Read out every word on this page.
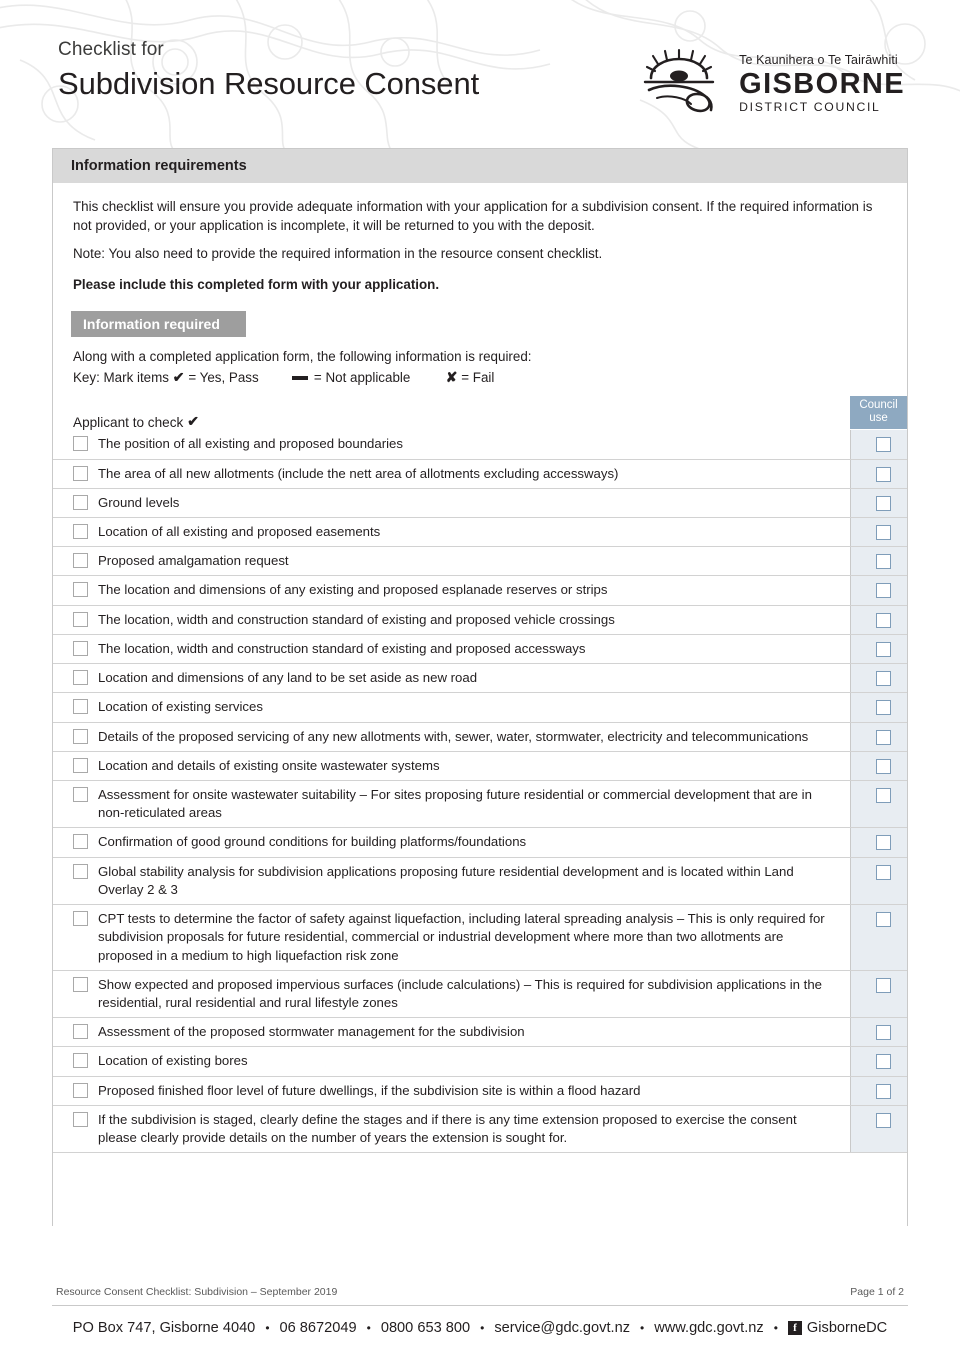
Checklist for
Subdivision Resource Consent
Te Kaunihera o Te Tairāwhiti
GISBORNE
DISTRICT COUNCIL
Information requirements

This checklist will ensure you provide adequate information with your application for a subdivision consent. If the required information is not provided, or your application is incomplete, it will be returned to you with the deposit.

Note: You also need to provide the required information in the resource consent checklist.

Please include this completed form with your application.

Information required
Along with a completed application form, the following information is required:
Key: Mark items ✔ = Yes, Pass	= Not applicable	✘ = Fail
Applicant to check ✔
Council use
The position of all existing and proposed boundaries
The area of all new allotments (include the nett area of allotments excluding accessways)
Ground levels
Location of all existing and proposed easements
Proposed amalgamation request
The location and dimensions of any existing and proposed esplanade reserves or strips
The location, width and construction standard of existing and proposed vehicle crossings
The location, width and construction standard of existing and proposed accessways
Location and dimensions of any land to be set aside as new road
Location of existing services
Details of the proposed servicing of any new allotments with, sewer, water, stormwater, electricity and telecommunications
Location and details of existing onsite wastewater systems
Assessment for onsite wastewater suitability – For sites proposing future residential or commercial development that are in non-reticulated areas
Confirmation of good ground conditions for building platforms/foundations
Global stability analysis for subdivision applications proposing future residential development and is located within Land Overlay 2 & 3
CPT tests to determine the factor of safety against liquefaction, including lateral spreading analysis – This is only required for subdivision proposals for future residential, commercial or industrial development where more than two allotments are proposed in a medium to high liquefaction risk zone
Show expected and proposed impervious surfaces (include calculations) – This is required for subdivision applications in the residential, rural residential and rural lifestyle zones
Assessment of the proposed stormwater management for the subdivision
Location of existing bores
Proposed finished floor level of future dwellings, if the subdivision site is within a flood hazard
If the subdivision is staged, clearly define the stages and if there is any time extension proposed to exercise the consent please clearly provide details on the number of years the extension is sought for.
Resource Consent Checklist: Subdivision – September 2019	Page 1 of 2
PO Box 747, Gisborne 4040 • 06 8672049 • 0800 653 800 • service@gdc.govt.nz • www.gdc.govt.nz •	f GisborneDC
